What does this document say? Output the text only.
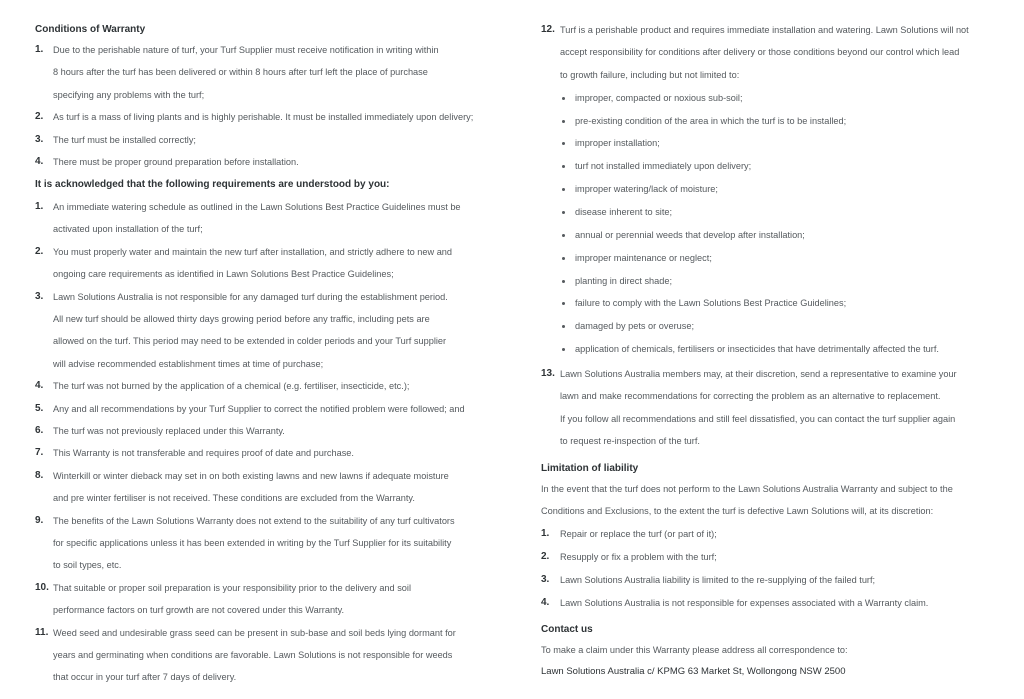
Conditions of Warranty
1. Due to the perishable nature of turf, your Turf Supplier must receive notification in writing within
8 hours after the turf has been delivered or within 8 hours after turf left the place of purchase
specifying any problems with the turf;
2. As turf is a mass of living plants and is highly perishable. It must be installed immediately upon delivery;
3. The turf must be installed correctly;
4. There must be proper ground preparation before installation.
It is acknowledged that the following requirements are understood by you:
1. An immediate watering schedule as outlined in the Lawn Solutions Best Practice Guidelines must be
activated upon installation of the turf;
2. You must properly water and maintain the new turf after installation, and strictly adhere to new and
ongoing care requirements as identified in Lawn Solutions Best Practice Guidelines;
3. Lawn Solutions Australia is not responsible for any damaged turf during the establishment period.
All new turf should be allowed thirty days growing period before any traffic, including pets are
allowed on the turf. This period may need to be extended in colder periods and your Turf supplier
will advise recommended establishment times at time of purchase;
4. The turf was not burned by the application of a chemical (e.g. fertiliser, insecticide, etc.);
5. Any and all recommendations by your Turf Supplier to correct the notified problem were followed; and
6. The turf was not previously replaced under this Warranty.
7. This Warranty is not transferable and requires proof of date and purchase.
8. Winterkill or winter dieback may set in on both existing lawns and new lawns if adequate moisture
and pre winter fertiliser is not received. These conditions are excluded from the Warranty.
9. The benefits of the Lawn Solutions Warranty does not extend to the suitability of any turf cultivators
for specific applications unless it has been extended in writing by the Turf Supplier for its suitability
to soil types, etc.
10. That suitable or proper soil preparation is your responsibility prior to the delivery and soil
performance factors on turf growth are not covered under this Warranty.
11. Weed seed and undesirable grass seed can be present in sub-base and soil beds lying dormant for
years and germinating when conditions are favorable. Lawn Solutions is not responsible for weeds
that occur in your turf after 7 days of delivery.
12. Turf is a perishable product and requires immediate installation and watering. Lawn Solutions will not
accept responsibility for conditions after delivery or those conditions beyond our control which lead
to growth failure, including but not limited to:
improper, compacted or noxious sub-soil;
pre-existing condition of the area in which the turf is to be installed;
improper installation;
turf not installed immediately upon delivery;
improper watering/lack of moisture;
disease inherent to site;
annual or perennial weeds that develop after installation;
improper maintenance or neglect;
planting in direct shade;
failure to comply with the Lawn Solutions Best Practice Guidelines;
damaged by pets or overuse;
application of chemicals, fertilisers or insecticides that have detrimentally affected the turf.
13. Lawn Solutions Australia members may, at their discretion, send a representative to examine your
lawn and make recommendations for correcting the problem as an alternative to replacement.
If you follow all recommendations and still feel dissatisfied, you can contact the turf supplier again
to request re-inspection of the turf.
Limitation of liability
In the event that the turf does not perform to the Lawn Solutions Australia Warranty and subject to the
Conditions and Exclusions, to the extent the turf is defective Lawn Solutions will, at its discretion:
1. Repair or replace the turf (or part of it);
2. Resupply or fix a problem with the turf;
3. Lawn Solutions Australia liability is limited to the re-supplying of the failed turf;
4. Lawn Solutions Australia is not responsible for expenses associated with a Warranty claim.
Contact us
To make a claim under this Warranty please address all correspondence to:
Lawn Solutions Australia c/ KPMG 63 Market St, Wollongong NSW 2500
